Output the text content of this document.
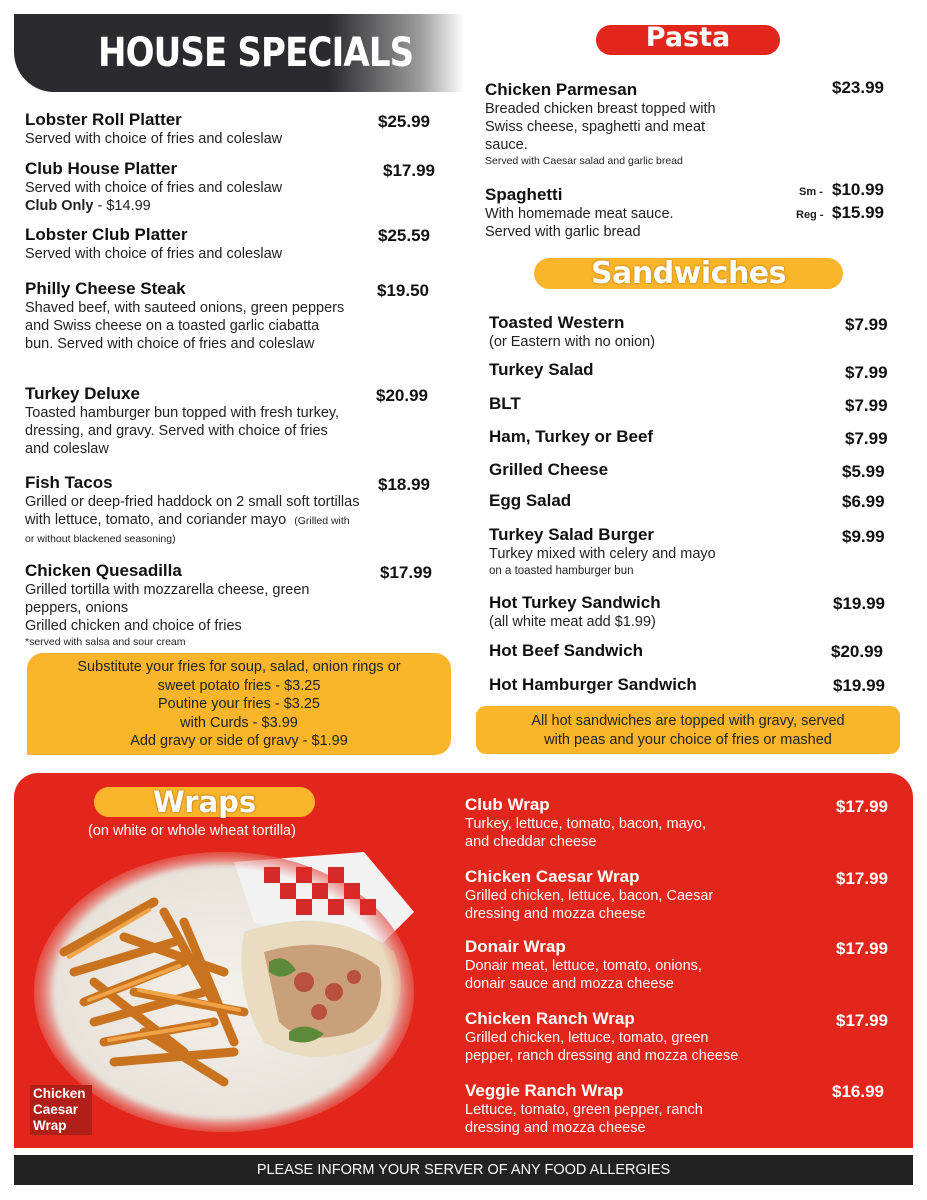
HOUSE SPECIALS
Lobster Roll Platter
Served with choice of fries and coleslaw
$25.99
Club House Platter
Served with choice of fries and coleslaw
Club Only - $14.99
$17.99
Lobster Club Platter
Served with choice of fries and coleslaw
$25.59
Philly Cheese Steak
Shaved beef, with sauteed onions, green peppers and Swiss cheese on a toasted garlic ciabatta bun. Served with choice of fries and coleslaw
$19.50
Turkey Deluxe
Toasted hamburger bun topped with fresh turkey, dressing, and gravy. Served with choice of fries and coleslaw
$20.99
Fish Tacos
Grilled or deep-fried haddock on 2 small soft tortillas with lettuce, tomato, and coriander mayo (Grilled with or without blackened seasoning)
$18.99
Chicken Quesadilla
Grilled tortilla with mozzarella cheese, green peppers, onions
Grilled chicken and choice of fries
*served with salsa and sour cream
$17.99
Substitute your fries for soup, salad, onion rings or
sweet potato fries - $3.25
Poutine your fries - $3.25
with Curds - $3.99
Add gravy or side of gravy - $1.99
Pasta
Chicken Parmesan
Breaded chicken breast topped with Swiss cheese, spaghetti and meat sauce.
Served with Caesar salad and garlic bread
$23.99
Spaghetti
With homemade meat sauce. Served with garlic bread
Sm - $10.99
Reg - $15.99
Sandwiches
Toasted Western
(or Eastern with no onion)
$7.99
Turkey Salad	$7.99
BLT	$7.99
Ham, Turkey or Beef	$7.99
Grilled Cheese	$5.99
Egg Salad	$6.99
Turkey Salad Burger
Turkey mixed with celery and mayo
on a toasted hamburger bun
$9.99
Hot Turkey Sandwich
(all white meat add $1.99)
$19.99
Hot Beef Sandwich	$20.99
Hot Hamburger Sandwich	$19.99
All hot sandwiches are topped with gravy, served
with peas and your choice of fries or mashed
Wraps
(on white or whole wheat tortilla)
Chicken
Caesar
Wrap
Club Wrap
Turkey, lettuce, tomato, bacon, mayo,
and cheddar cheese
$17.99
Chicken Caesar Wrap
Grilled chicken, lettuce, bacon, Caesar
dressing and mozza cheese
$17.99
Donair Wrap
Donair meat, lettuce, tomato, onions,
donair sauce and mozza cheese
$17.99
Chicken Ranch Wrap
Grilled chicken, lettuce, tomato, green
pepper, ranch dressing and mozza cheese
$17.99
Veggie Ranch Wrap
Lettuce, tomato, green pepper, ranch
dressing and mozza cheese
$16.99
PLEASE INFORM YOUR SERVER OF ANY FOOD ALLERGIES
